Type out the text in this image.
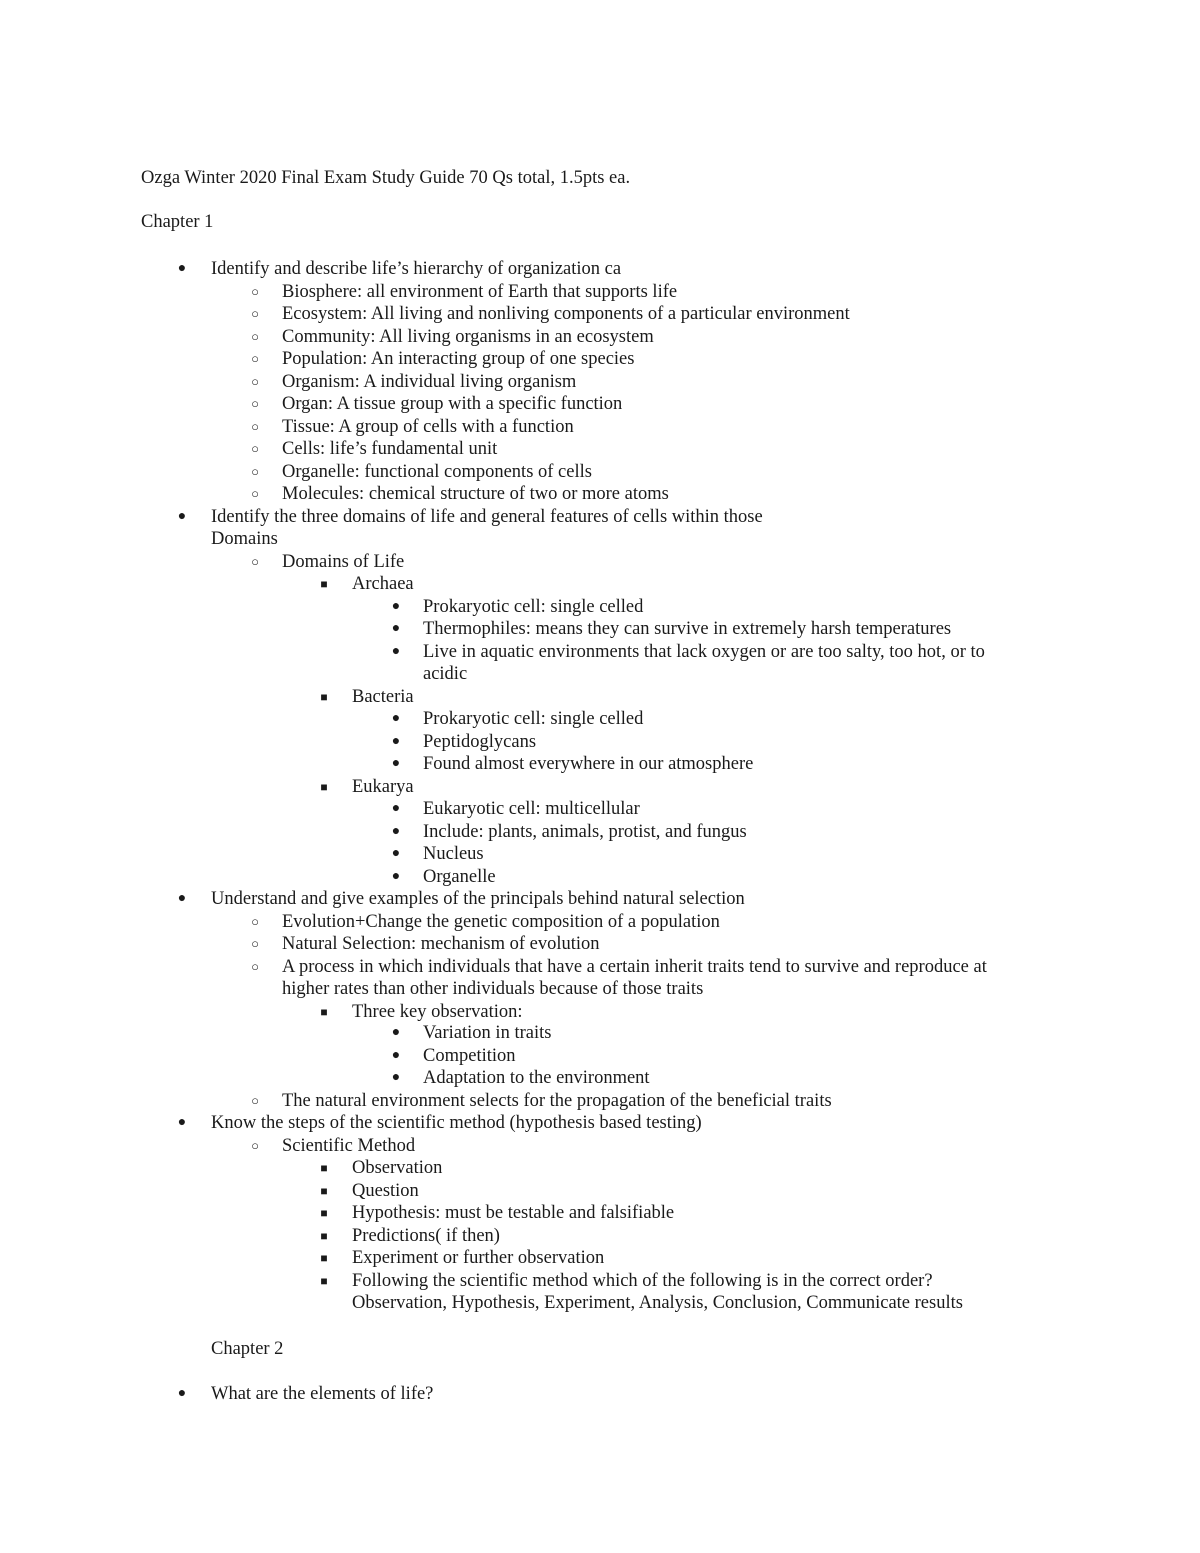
Ozga Winter 2020 Final Exam Study Guide 70 Qs total, 1.5pts ea.
Chapter 1
● Identify and describe life’s hierarchy of organization ca
○ Biosphere: all environment of Earth that supports life
○ Ecosystem: All living and nonliving components of a particular environment
○ Community: All living organisms in an ecosystem
○ Population: An interacting group of one species
○ Organism: A individual living organism
○ Organ: A tissue group with a specific function
○ Tissue: A group of cells with a function
○ Cells: life’s fundamental unit
○ Organelle: functional components of cells
○ Molecules: chemical structure of two or more atoms
● Identify the three domains of life and general features of cells within those
Domains
○ Domains of Life
■ Archaea
● Prokaryotic cell: single celled
● Thermophiles: means they can survive in extremely harsh temperatures
● Live in aquatic environments that lack oxygen or are too salty, too hot, or to
acidic
■ Bacteria
● Prokaryotic cell: single celled
● Peptidoglycans
● Found almost everywhere in our atmosphere
■ Eukarya
● Eukaryotic cell: multicellular
● Include: plants, animals, protist, and fungus
● Nucleus
● Organelle
● Understand and give examples of the principals behind natural selection
○ Evolution+Change the genetic composition of a population
○ Natural Selection: mechanism of evolution
○ A process in which individuals that have a certain inherit traits tend to survive and reproduce at
higher rates than other individuals because of those traits
■ Three key observation:
● Variation in traits
● Competition
● Adaptation to the environment
○ The natural environment selects for the propagation of the beneficial traits
● Know the steps of the scientific method (hypothesis based testing)
○ Scientific Method
■ Observation
■ Question
■ Hypothesis: must be testable and falsifiable
■ Predictions( if then)
■ Experiment or further observation
■ Following the scientific method which of the following is in the correct order?
Observation, Hypothesis, Experiment, Analysis, Conclusion, Communicate results
Chapter 2
● What are the elements of life?
